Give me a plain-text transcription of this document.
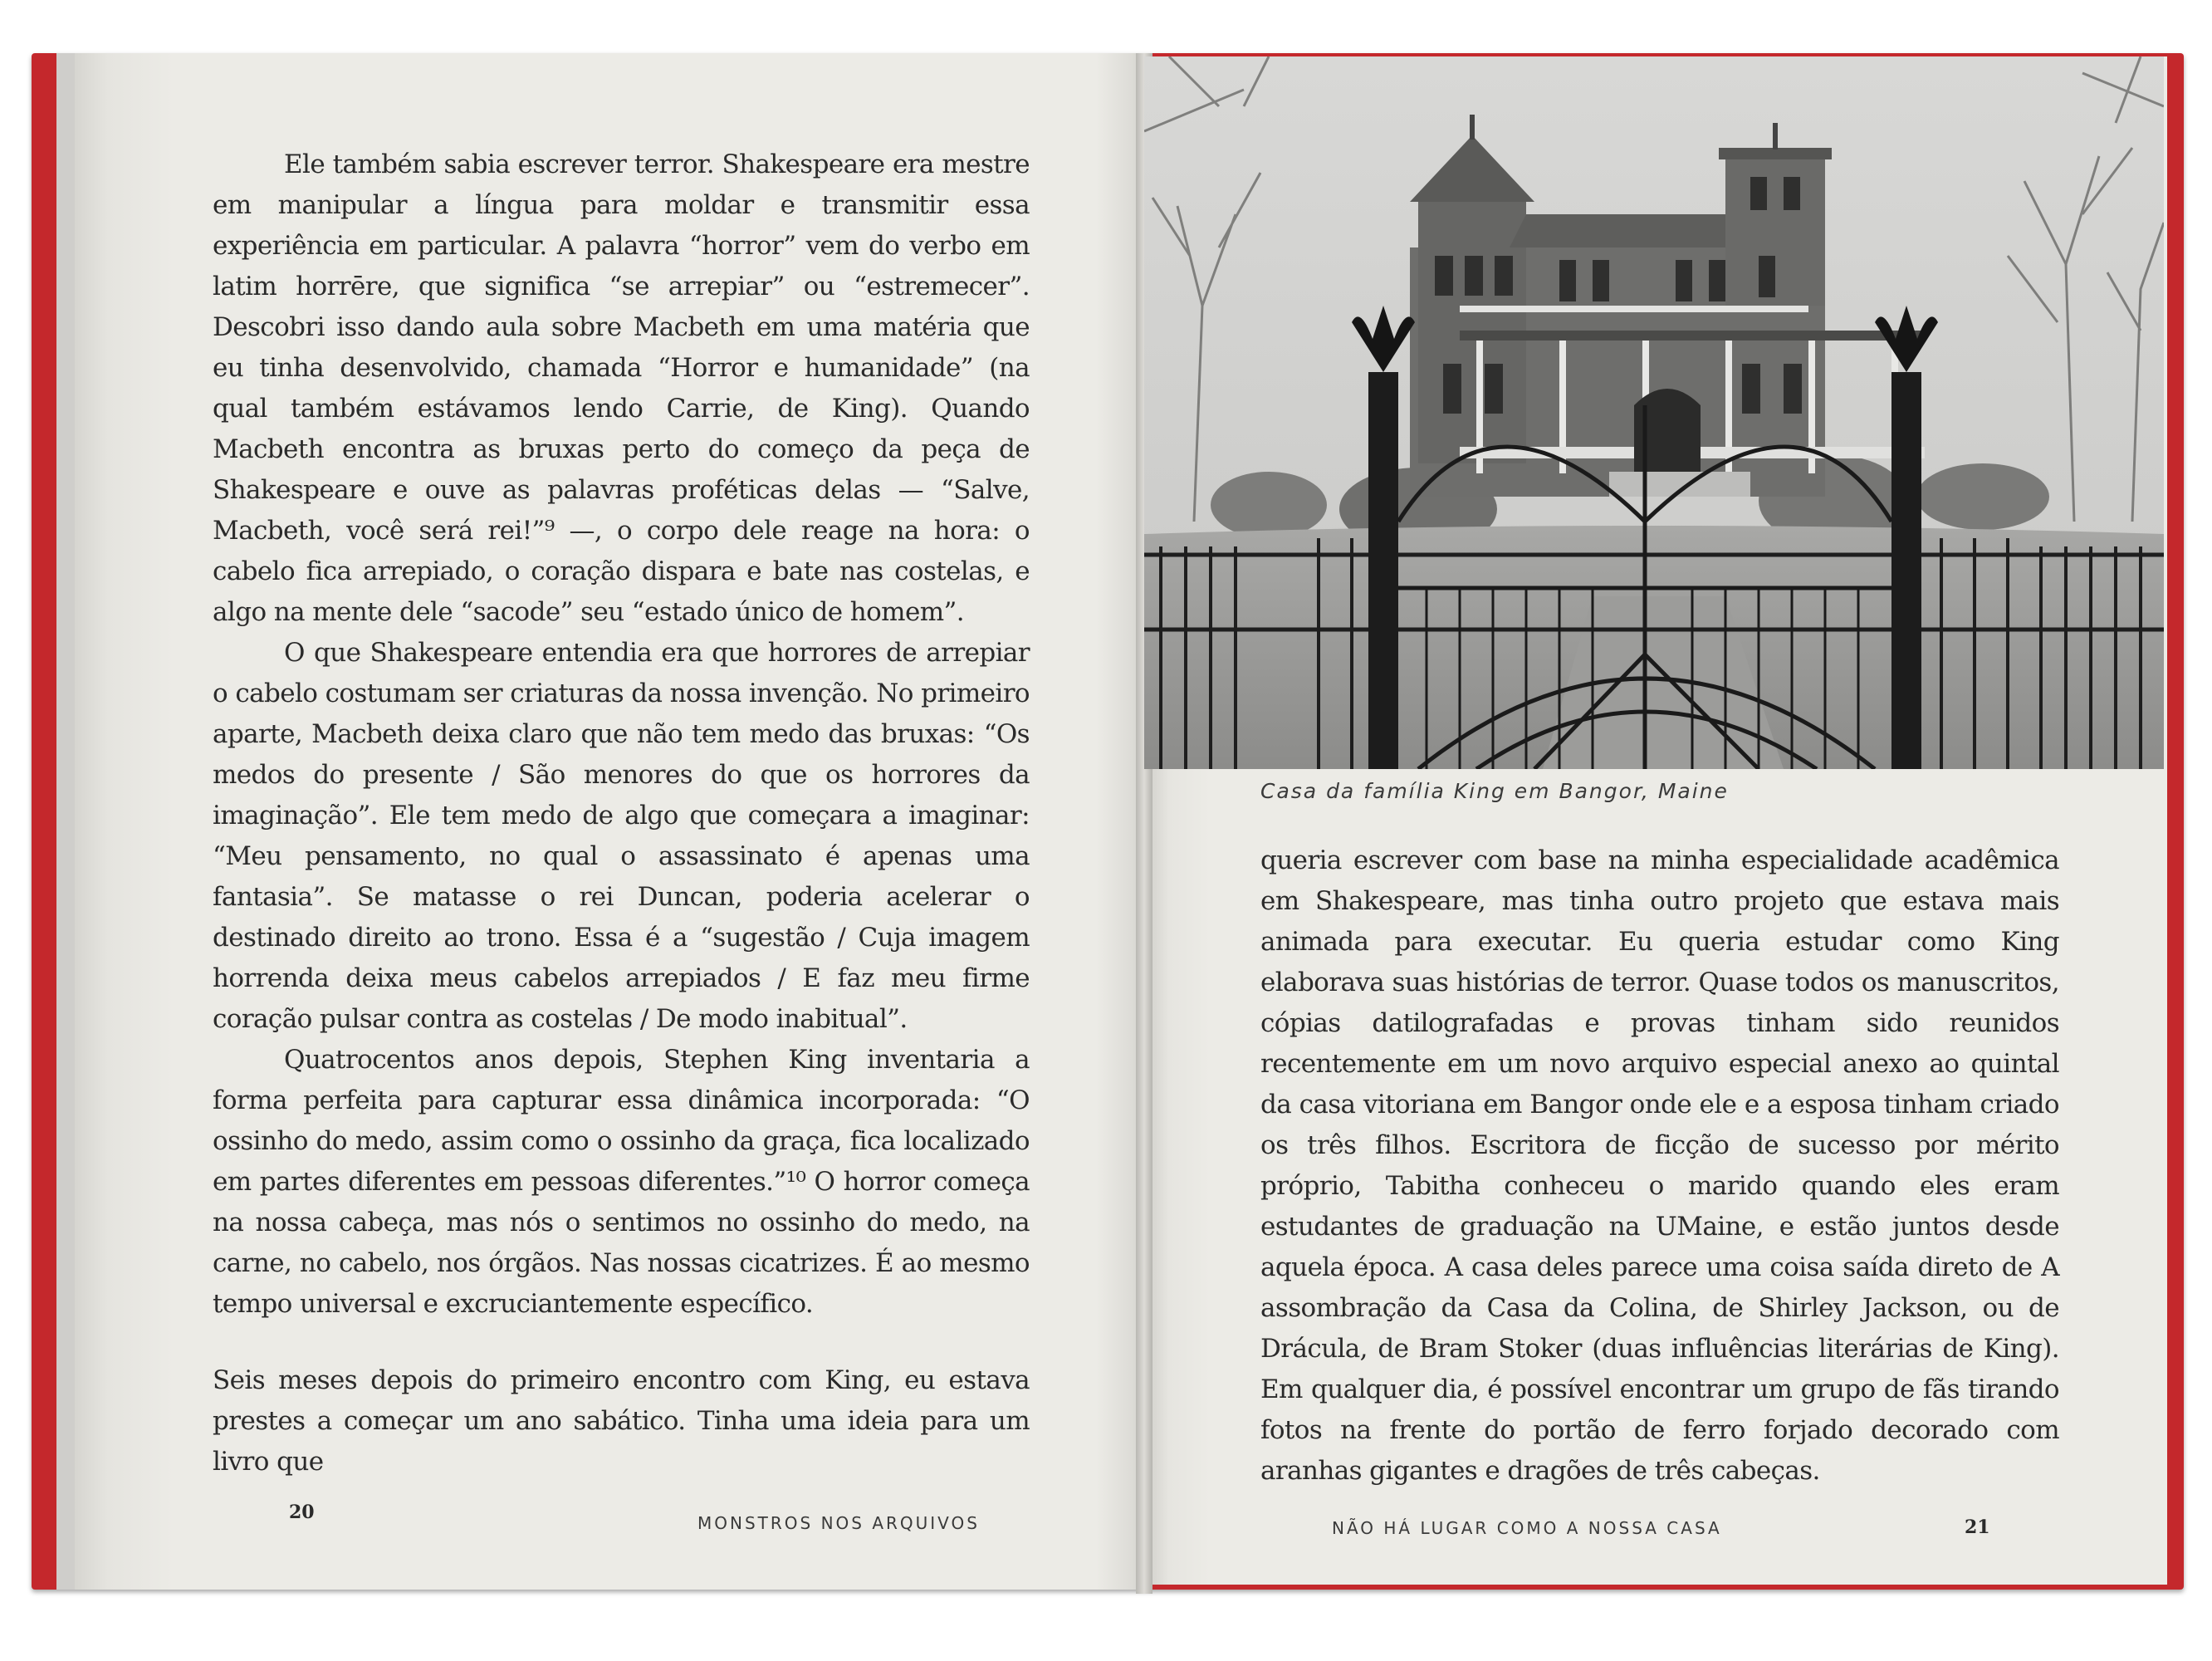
Ele também sabia escrever terror. Shakespeare era mestre em manipular a língua para moldar e transmitir essa experiência em particular. A palavra “horror” vem do verbo em latim horrēre, que significa “se arrepiar” ou “estremecer”. Descobri isso dando aula sobre Macbeth em uma matéria que eu tinha desenvolvido, chamada “Horror e humanidade” (na qual também estávamos lendo Carrie, de King). Quando Macbeth encontra as bruxas perto do começo da peça de Shakespeare e ouve as palavras proféticas delas — “Salve, Macbeth, você será rei!”⁹ —, o corpo dele reage na hora: o cabelo fica arrepiado, o coração dispara e bate nas costelas, e algo na mente dele “sacode” seu “estado único de homem”.

O que Shakespeare entendia era que horrores de arrepiar o cabelo costumam ser criaturas da nossa invenção. No primeiro aparte, Macbeth deixa claro que não tem medo das bruxas: “Os medos do presente / São menores do que os horrores da imaginação”. Ele tem medo de algo que começara a imaginar: “Meu pensamento, no qual o assassinato é apenas uma fantasia”. Se matasse o rei Duncan, poderia acelerar o destinado direito ao trono. Essa é a “sugestão / Cuja imagem horrenda deixa meus cabelos arrepiados / E faz meu firme coração pulsar contra as costelas / De modo inabitual”.

Quatrocentos anos depois, Stephen King inventaria a forma perfeita para capturar essa dinâmica incorporada: “O ossinho do medo, assim como o ossinho da graça, fica localizado em partes diferentes em pessoas diferentes.”¹⁰ O horror começa na nossa cabeça, mas nós o sentimos no ossinho do medo, na carne, no cabelo, nos órgãos. Nas nossas cicatrizes. É ao mesmo tempo universal e excruciantemente específico.

Seis meses depois do primeiro encontro com King, eu estava prestes a começar um ano sabático. Tinha uma ideia para um livro que

20	MONSTROS NOS ARQUIVOS
Casa da família King em Bangor, Maine

queria escrever com base na minha especialidade acadêmica em Shakespeare, mas tinha outro projeto que estava mais animada para executar. Eu queria estudar como King elaborava suas histórias de terror. Quase todos os manuscritos, cópias datilografadas e provas tinham sido reunidos recentemente em um novo arquivo especial anexo ao quintal da casa vitoriana em Bangor onde ele e a esposa tinham criado os três filhos. Escritora de ficção de sucesso por mérito próprio, Tabitha conheceu o marido quando eles eram estudantes de graduação na UMaine, e estão juntos desde aquela época. A casa deles parece uma coisa saída direto de A assombração da Casa da Colina, de Shirley Jackson, ou de Drácula, de Bram Stoker (duas influências literárias de King). Em qualquer dia, é possível encontrar um grupo de fãs tirando fotos na frente do portão de ferro forjado decorado com aranhas gigantes e dragões de três cabeças.

NÃO HÁ LUGAR COMO A NOSSA CASA	21
